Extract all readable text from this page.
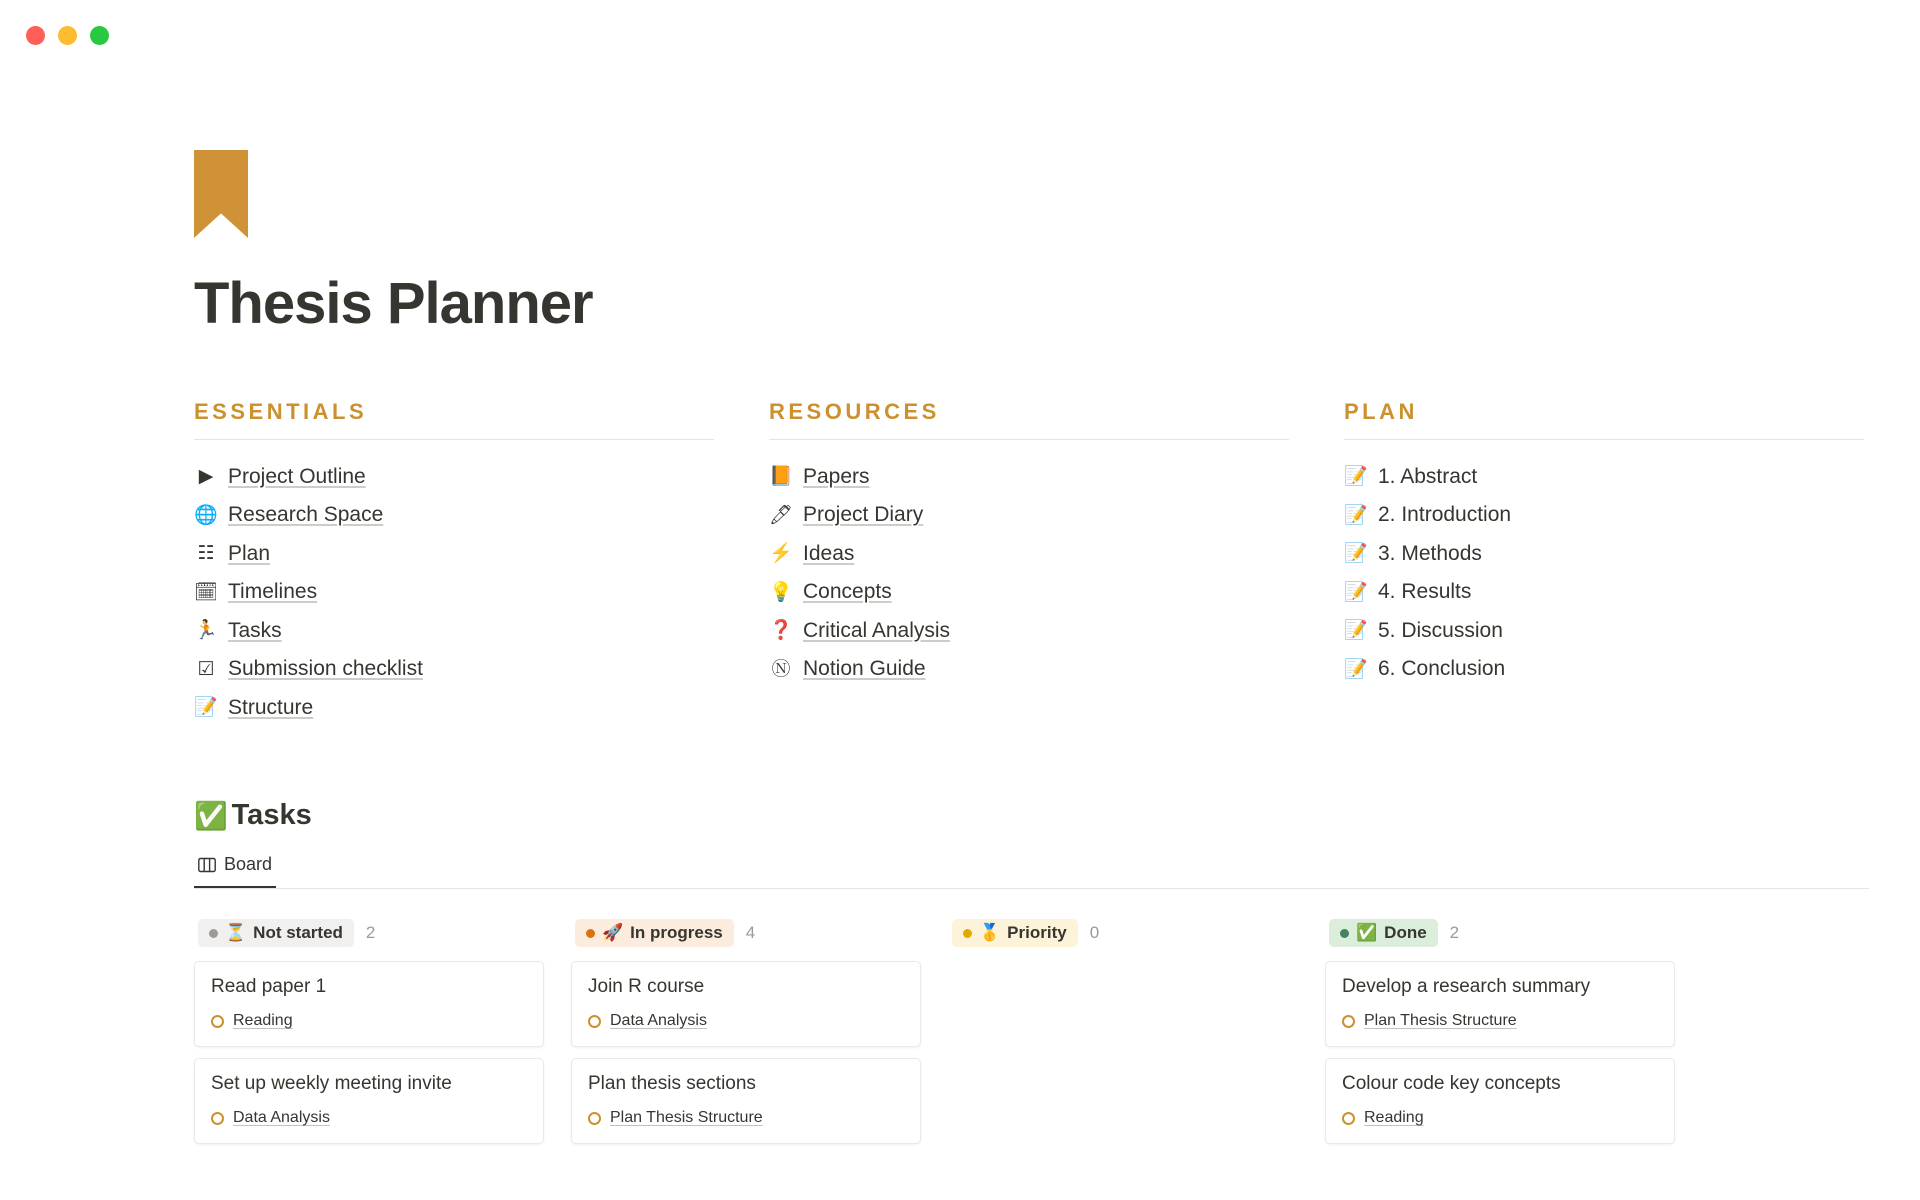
Thesis Planner
ESSENTIALS
▶ Project Outline
🌐 Research Space
☷ Plan
🗓 Timelines
🏃 Tasks
☑ Submission checklist
📝 Structure
RESOURCES
📙 Papers
🖊 Project Diary
⚡ Ideas
💡 Concepts
❓ Critical Analysis
Ⓝ Notion Guide
PLAN
📝 1. Abstract
📝 2. Introduction
📝 3. Methods
📝 4. Results
📝 5. Discussion
📝 6. Conclusion
✅ Tasks
Board
⏳ Not started 2
Read paper 1
Reading
Set up weekly meeting invite
Data Analysis
🚀 In progress 4
Join R course
Data Analysis
Plan thesis sections
Plan Thesis Structure
🥇 Priority 0	✅ Done 2
Develop a research summary
Plan Thesis Structure
Colour code key concepts
Reading
